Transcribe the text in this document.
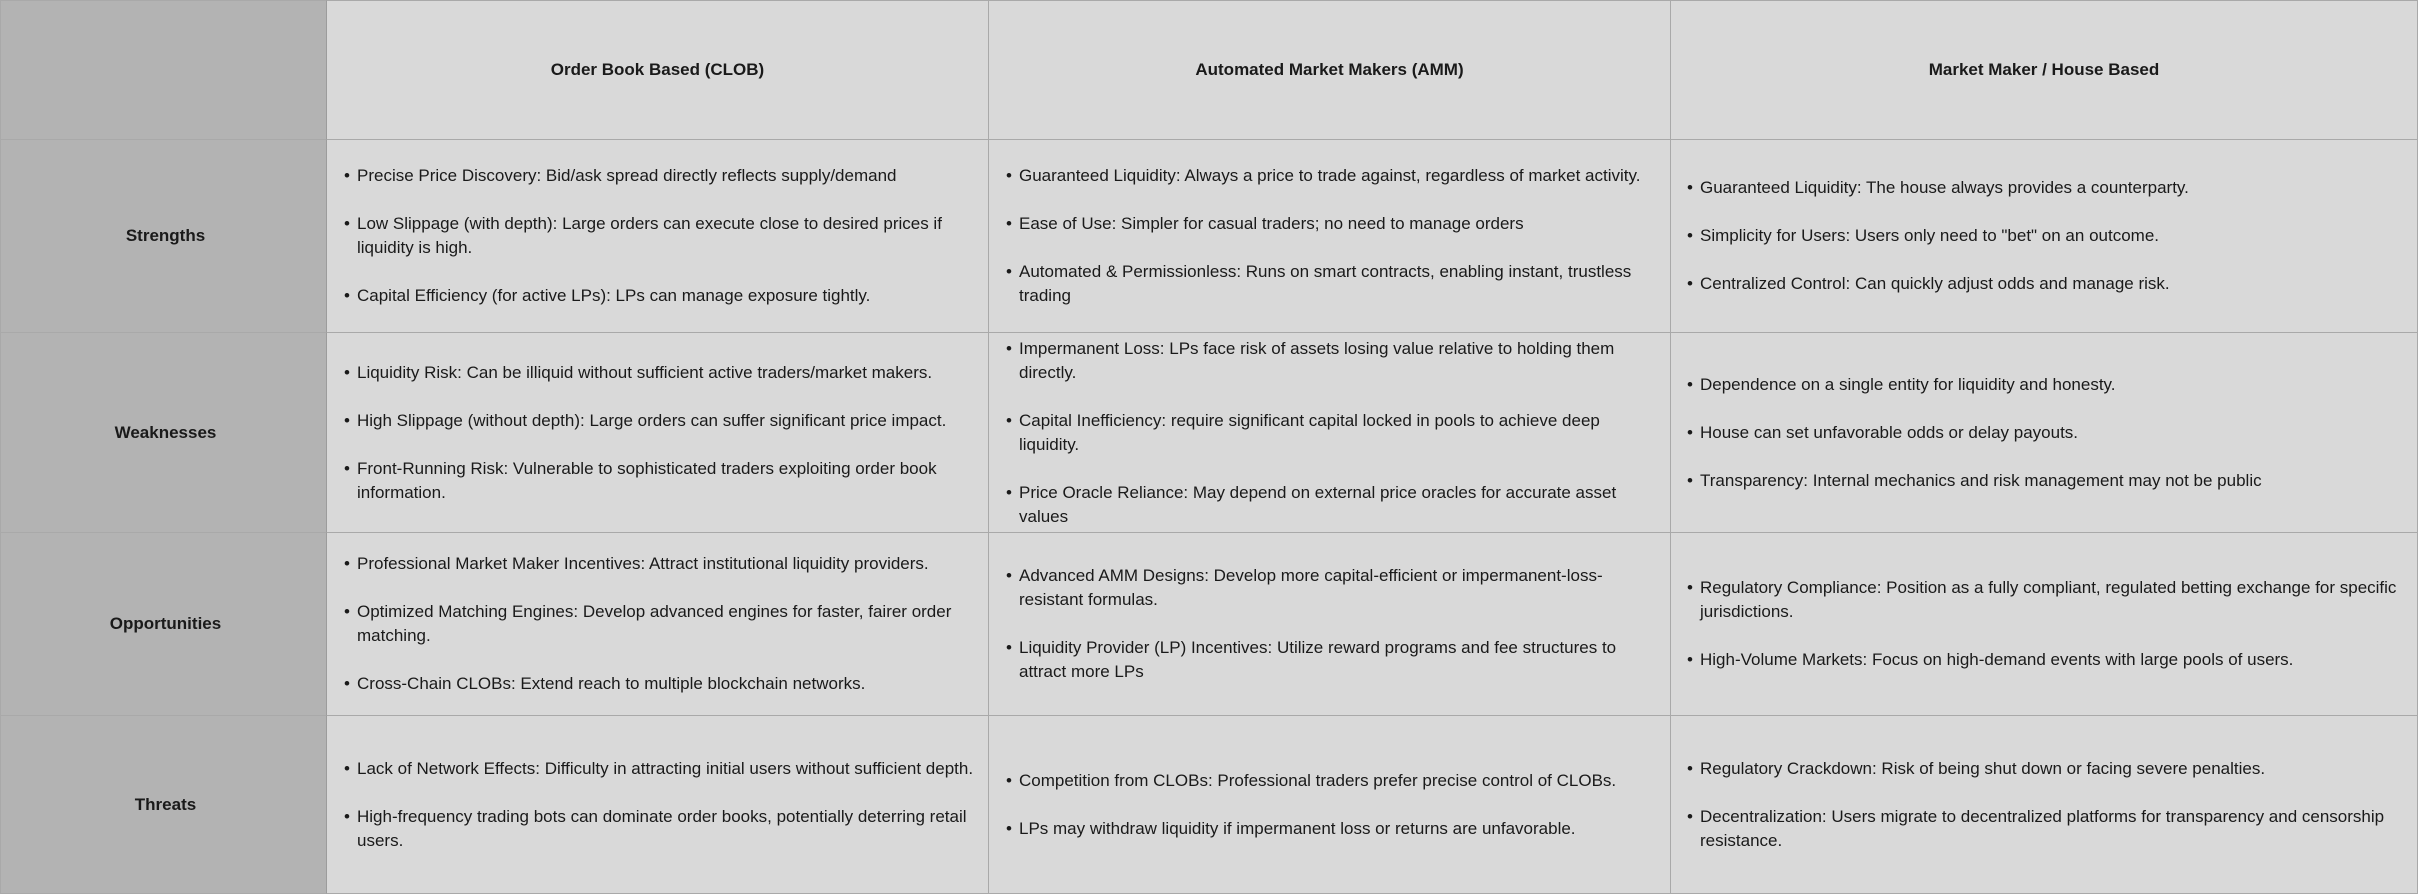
Order Book Based (CLOB)	Automated Market Makers (AMM)	Market Maker / House Based
Strengths
• Precise Price Discovery: Bid/ask spread directly reflects supply/demand
• Low Slippage (with depth): Large orders can execute close to desired prices if liquidity is high.
• Capital Efficiency (for active LPs): LPs can manage exposure tightly.
• Guaranteed Liquidity: Always a price to trade against, regardless of market activity.
• Ease of Use: Simpler for casual traders; no need to manage orders
• Automated & Permissionless: Runs on smart contracts, enabling instant, trustless trading
• Guaranteed Liquidity: The house always provides a counterparty.
• Simplicity for Users: Users only need to "bet" on an outcome.
• Centralized Control: Can quickly adjust odds and manage risk.
Weaknesses
• Liquidity Risk: Can be illiquid without sufficient active traders/market makers.
• High Slippage (without depth): Large orders can suffer significant price impact.
• Front-Running Risk: Vulnerable to sophisticated traders exploiting order book information.
• Impermanent Loss: LPs face risk of assets losing value relative to holding them directly.
• Capital Inefficiency: require significant capital locked in pools to achieve deep liquidity.
• Price Oracle Reliance: May depend on external price oracles for accurate asset values
• Dependence on a single entity for liquidity and honesty.
• House can set unfavorable odds or delay payouts.
• Transparency: Internal mechanics and risk management may not be public
Opportunities
• Professional Market Maker Incentives: Attract institutional liquidity providers.
• Optimized Matching Engines: Develop advanced engines for faster, fairer order matching.
• Cross-Chain CLOBs: Extend reach to multiple blockchain networks.
• Advanced AMM Designs: Develop more capital-efficient or impermanent-loss-resistant formulas.
• Liquidity Provider (LP) Incentives: Utilize reward programs and fee structures to attract more LPs
• Regulatory Compliance: Position as a fully compliant, regulated betting exchange for specific jurisdictions.
• High-Volume Markets: Focus on high-demand events with large pools of users.
Threats
• Lack of Network Effects: Difficulty in attracting initial users without sufficient depth.
• High-frequency trading bots can dominate order books, potentially deterring retail users.
• Competition from CLOBs: Professional traders prefer precise control of CLOBs.
• LPs may withdraw liquidity if impermanent loss or returns are unfavorable.
• Regulatory Crackdown: Risk of being shut down or facing severe penalties.
• Decentralization: Users migrate to decentralized platforms for transparency and censorship resistance.
